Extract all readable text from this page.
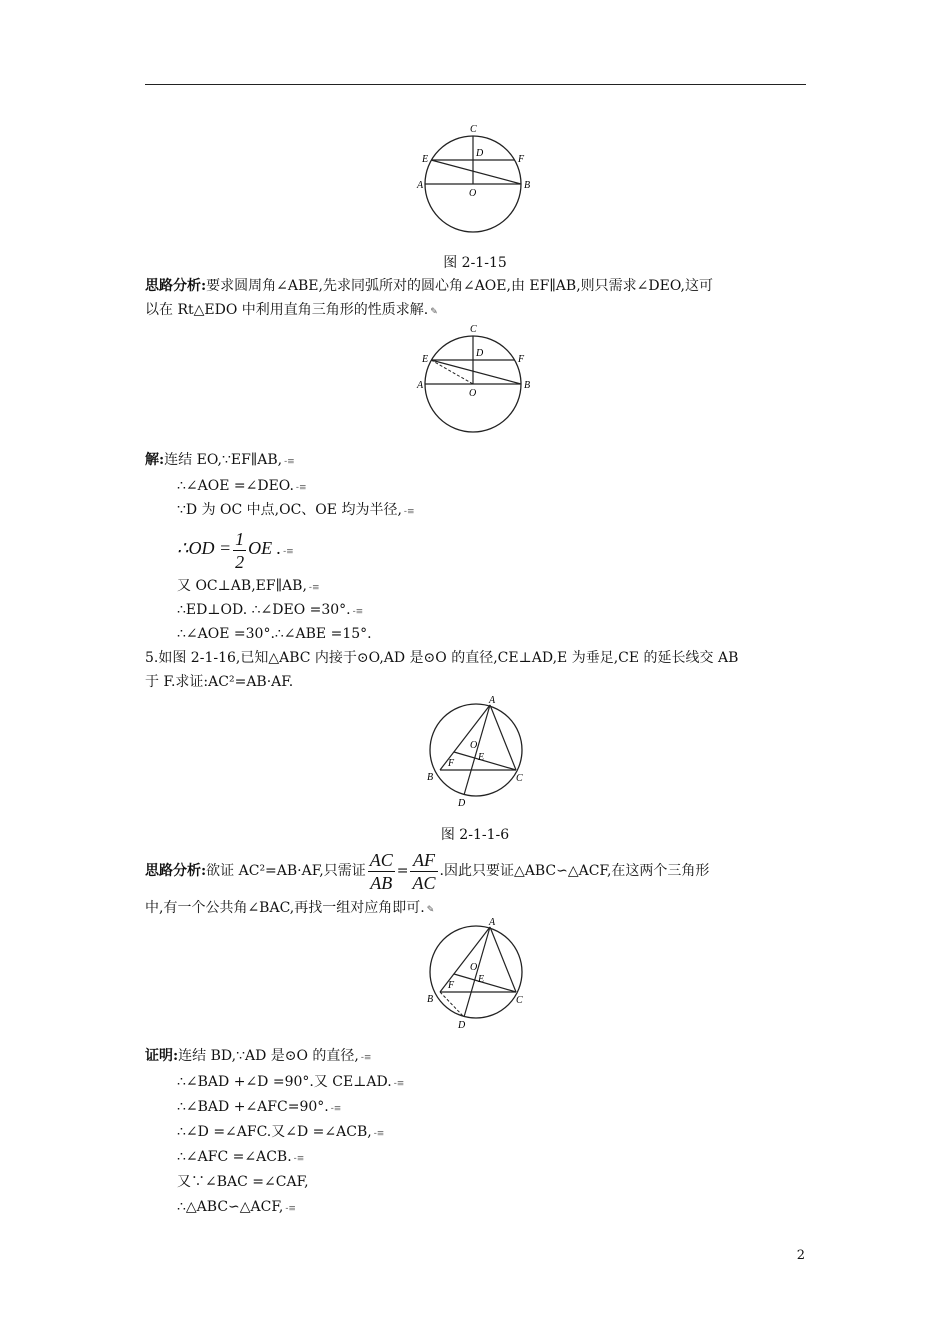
C
D
E	F
A
O
B
图 2-1-15
思路分析:要求圆周角∠ABE,先求同弧所对的圆心角∠AOE,由 EF∥AB,则只需求∠DEO,这可
以在 Rt△EDO 中利用直角三角形的性质求解. ✎
C
D
E	F
A
O
B
解:连结 EO,∵EF∥AB, -≡
∴∠AOE =∠DEO. -≡
∵D 为 OC 中点,OC、OE 均为半径, -≡
∴OD = $\frac{1}{2}$ OE . -≡
又 OC⊥AB,EF∥AB, -≡
∴ED⊥OD. ∴∠DEO =30°. -≡
∴∠AOE =30°.∴∠ABE =15°.
5.如图 2-1-16,已知△ABC 内接于⊙O,AD 是⊙O 的直径,CE⊥AD,E 为垂足,CE 的延长线交 AB
于 F.求证:AC²=AB·AF.
A
O
E
F
B	C
D
图 2-1-1-6
思路分析:欲证 AC²=AB·AF,只需证 $\frac{AC}{AB} = \frac{AF}{AC}$ .因此只要证△ABC∽△ACF,在这两个三角形
中,有一个公共角∠BAC,再找一组对应角即可. ✎
A
O
E
F
B	C
D
证明:连结 BD,∵AD 是⊙O 的直径, -≡
∴∠BAD +∠D =90°.又 CE⊥AD. -≡
∴∠BAD +∠AFC=90°. -≡
∴∠D =∠AFC.又∠D =∠ACB, -≡
∴∠AFC =∠ACB. -≡
又∵∠BAC =∠CAF,
∴△ABC∽△ACF, -≡
2
